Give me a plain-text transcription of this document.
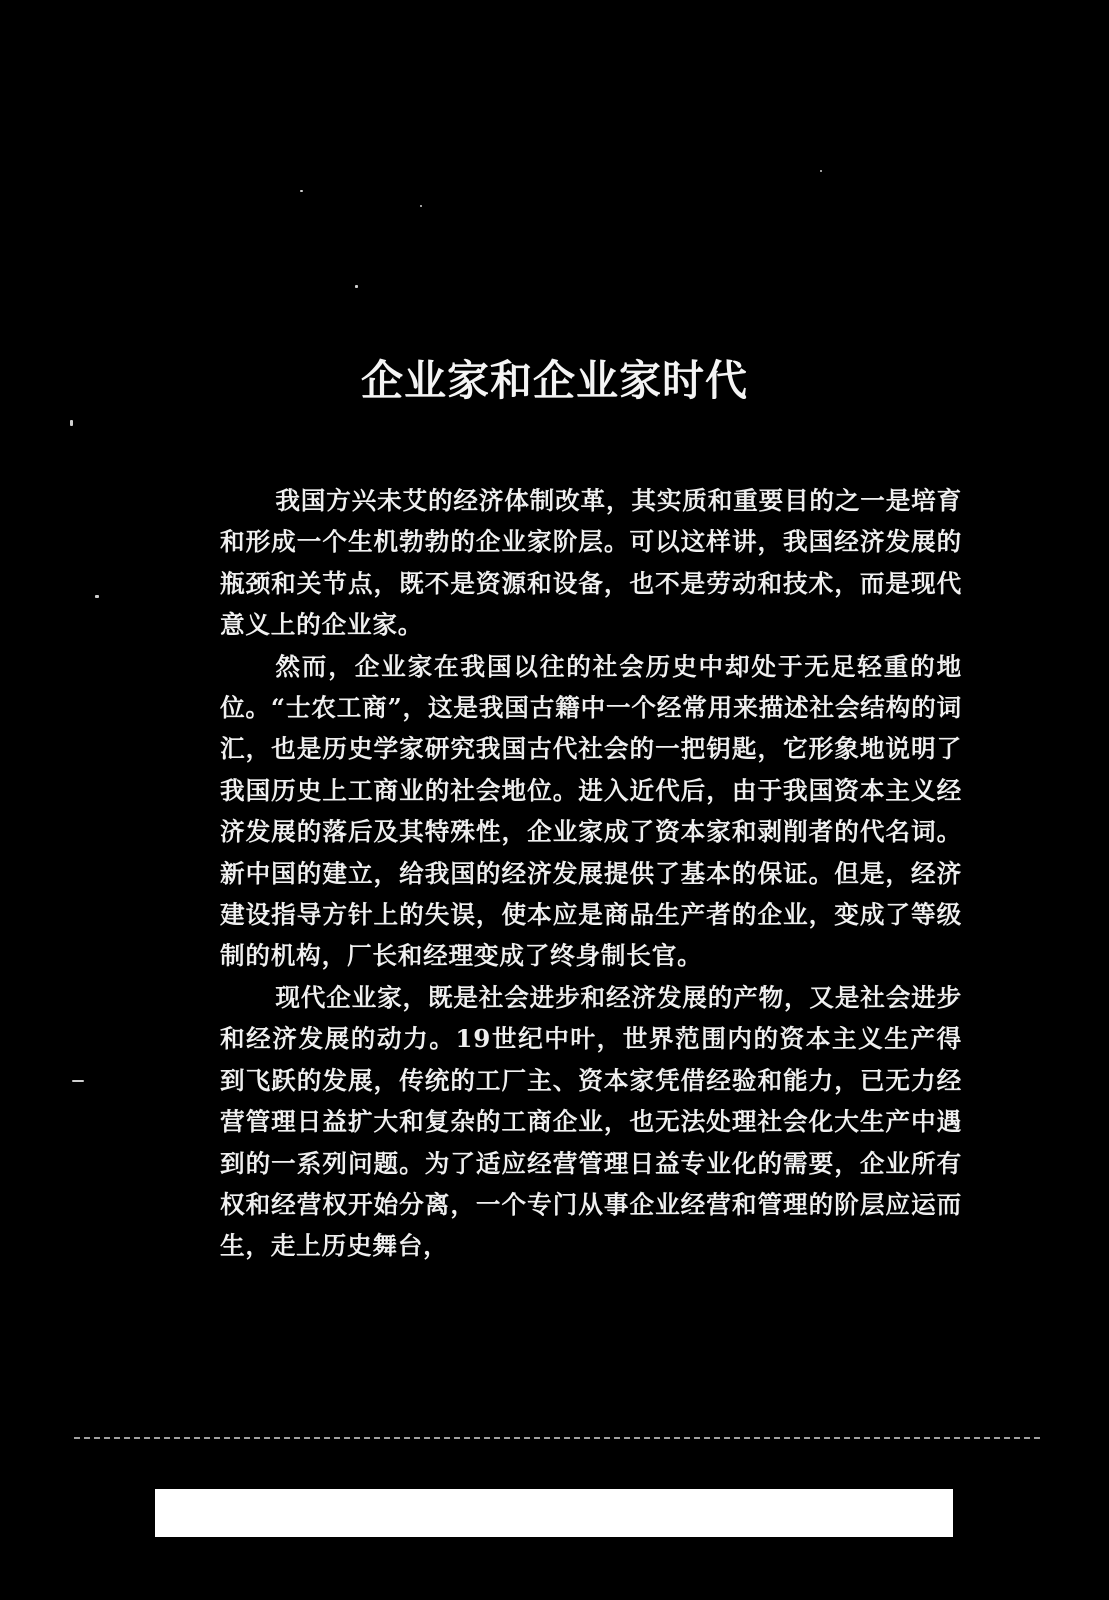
企业家和企业家时代

我国方兴未艾的经济体制改革，其实质和重要目的之一是培育和形成一个生机勃勃的企业家阶层。可以这样讲，我国经济发展的瓶颈和关节点，既不是资源和设备，也不是劳动和技术，而是现代意义上的企业家。

然而，企业家在我国以往的社会历史中却处于无足轻重的地位。“士农工商”，这是我国古籍中一个经常用来描述社会结构的词汇，也是历史学家研究我国古代社会的一把钥匙，它形象地说明了我国历史上工商业的社会地位。进入近代后，由于我国资本主义经济发展的落后及其特殊性，企业家成了资本家和剥削者的代名词。新中国的建立，给我国的经济发展提供了基本的保证。但是，经济建设指导方针上的失误，使本应是商品生产者的企业，变成了等级制的机构，厂长和经理变成了终身制长官。

现代企业家，既是社会进步和经济发展的产物，又是社会进步和经济发展的动力。19世纪中叶，世界范围内的资本主义生产得到飞跃的发展，传统的工厂主、资本家凭借经验和能力，已无力经营管理日益扩大和复杂的工商企业，也无法处理社会化大生产中遇到的一系列问题。为了适应经营管理日益专业化的需要，企业所有权和经营权开始分离，一个专门从事企业经营和管理的阶层应运而生，走上历史舞台，
